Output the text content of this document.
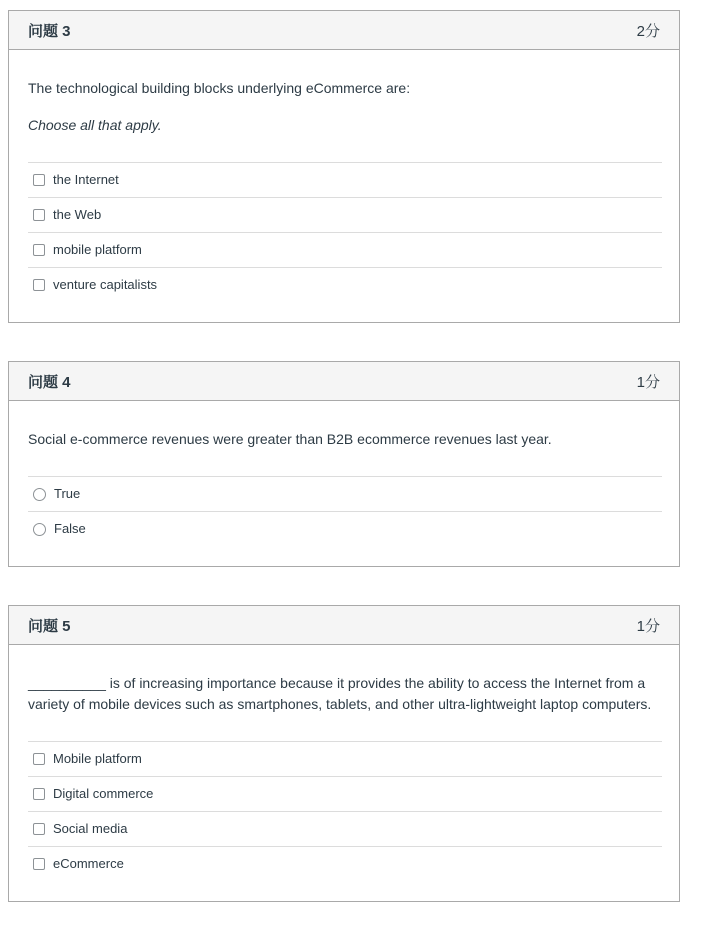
问题 3	2分

The technological building blocks underlying eCommerce are:

Choose all that apply.

the Internet
the Web
mobile platform
venture capitalists
问题 4	1分

Social e-commerce revenues were greater than B2B ecommerce revenues last year.

True
False
问题 5	1分

__________ is of increasing importance because it provides the ability to access the Internet from a variety of mobile devices such as smartphones, tablets, and other ultra-lightweight laptop computers.

Mobile platform
Digital commerce
Social media
eCommerce
